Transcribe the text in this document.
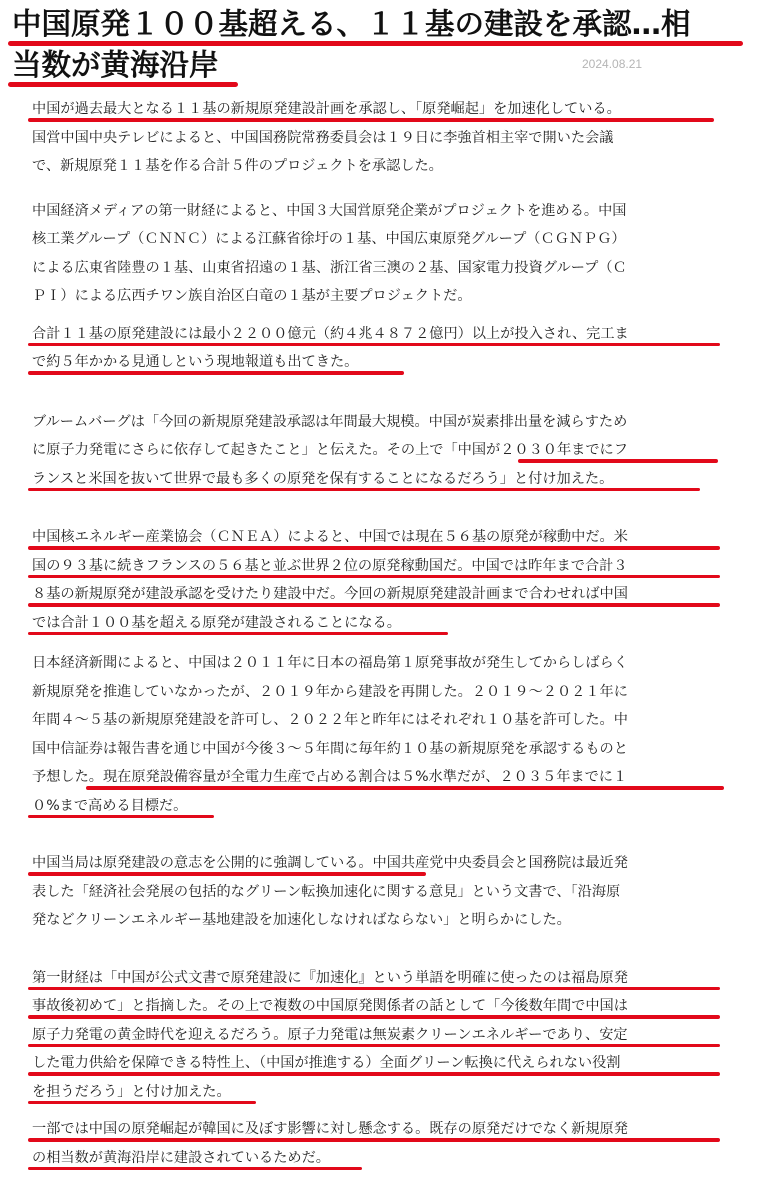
中国原発１００基超える、１１基の建設を承認…相
当数が黄海沿岸	2024.08.21

中国が過去最大となる１１基の新規原発建設計画を承認し、「原発崛起」を加速化している。
国営中国中央テレビによると、中国国務院常務委員会は１９日に李強首相主宰で開いた会議
で、新規原発１１基を作る合計５件のプロジェクトを承認した。

中国経済メディアの第一財経によると、中国３大国営原発企業がプロジェクトを進める。中国
核工業グループ（ＣＮＮＣ）による江蘇省徐圩の１基、中国広東原発グループ（ＣＧＮＰＧ）
による広東省陸豊の１基、山東省招遠の１基、浙江省三澳の２基、国家電力投資グループ（Ｃ
ＰＩ）による広西チワン族自治区白竜の１基が主要プロジェクトだ。

合計１１基の原発建設には最小２２００億元（約４兆４８７２億円）以上が投入され、完工ま
で約５年かかる見通しという現地報道も出てきた。

ブルームバーグは「今回の新規原発建設承認は年間最大規模。中国が炭素排出量を減らすため
に原子力発電にさらに依存して起きたこと」と伝えた。その上で「中国が２０３０年までにフ
ランスと米国を抜いて世界で最も多くの原発を保有することになるだろう」と付け加えた。

中国核エネルギー産業協会（ＣＮＥＡ）によると、中国では現在５６基の原発が稼動中だ。米
国の９３基に続きフランスの５６基と並ぶ世界２位の原発稼動国だ。中国では昨年まで合計３
８基の新規原発が建設承認を受けたり建設中だ。今回の新規原発建設計画まで合わせれば中国
では合計１００基を超える原発が建設されることになる。

日本経済新聞によると、中国は２０１１年に日本の福島第１原発事故が発生してからしばらく
新規原発を推進していなかったが、２０１９年から建設を再開した。２０１９～２０２１年に
年間４～５基の新規原発建設を許可し、２０２２年と昨年にはそれぞれ１０基を許可した。中
国中信証券は報告書を通じ中国が今後３～５年間に毎年約１０基の新規原発を承認するものと
予想した。現在原発設備容量が全電力生産で占める割合は５%水準だが、２０３５年までに１
０%まで高める目標だ。

中国当局は原発建設の意志を公開的に強調している。中国共産党中央委員会と国務院は最近発
表した「経済社会発展の包括的なグリーン転換加速化に関する意見」という文書で、「沿海原
発などクリーンエネルギー基地建設を加速化しなければならない」と明らかにした。

第一財経は「中国が公式文書で原発建設に『加速化』という単語を明確に使ったのは福島原発
事故後初めて」と指摘した。その上で複数の中国原発関係者の話として「今後数年間で中国は
原子力発電の黄金時代を迎えるだろう。原子力発電は無炭素クリーンエネルギーであり、安定
した電力供給を保障できる特性上、（中国が推進する）全面グリーン転換に代えられない役割
を担うだろう」と付け加えた。

一部では中国の原発崛起が韓国に及ぼす影響に対し懸念する。既存の原発だけでなく新規原発
の相当数が黄海沿岸に建設されているためだ。
